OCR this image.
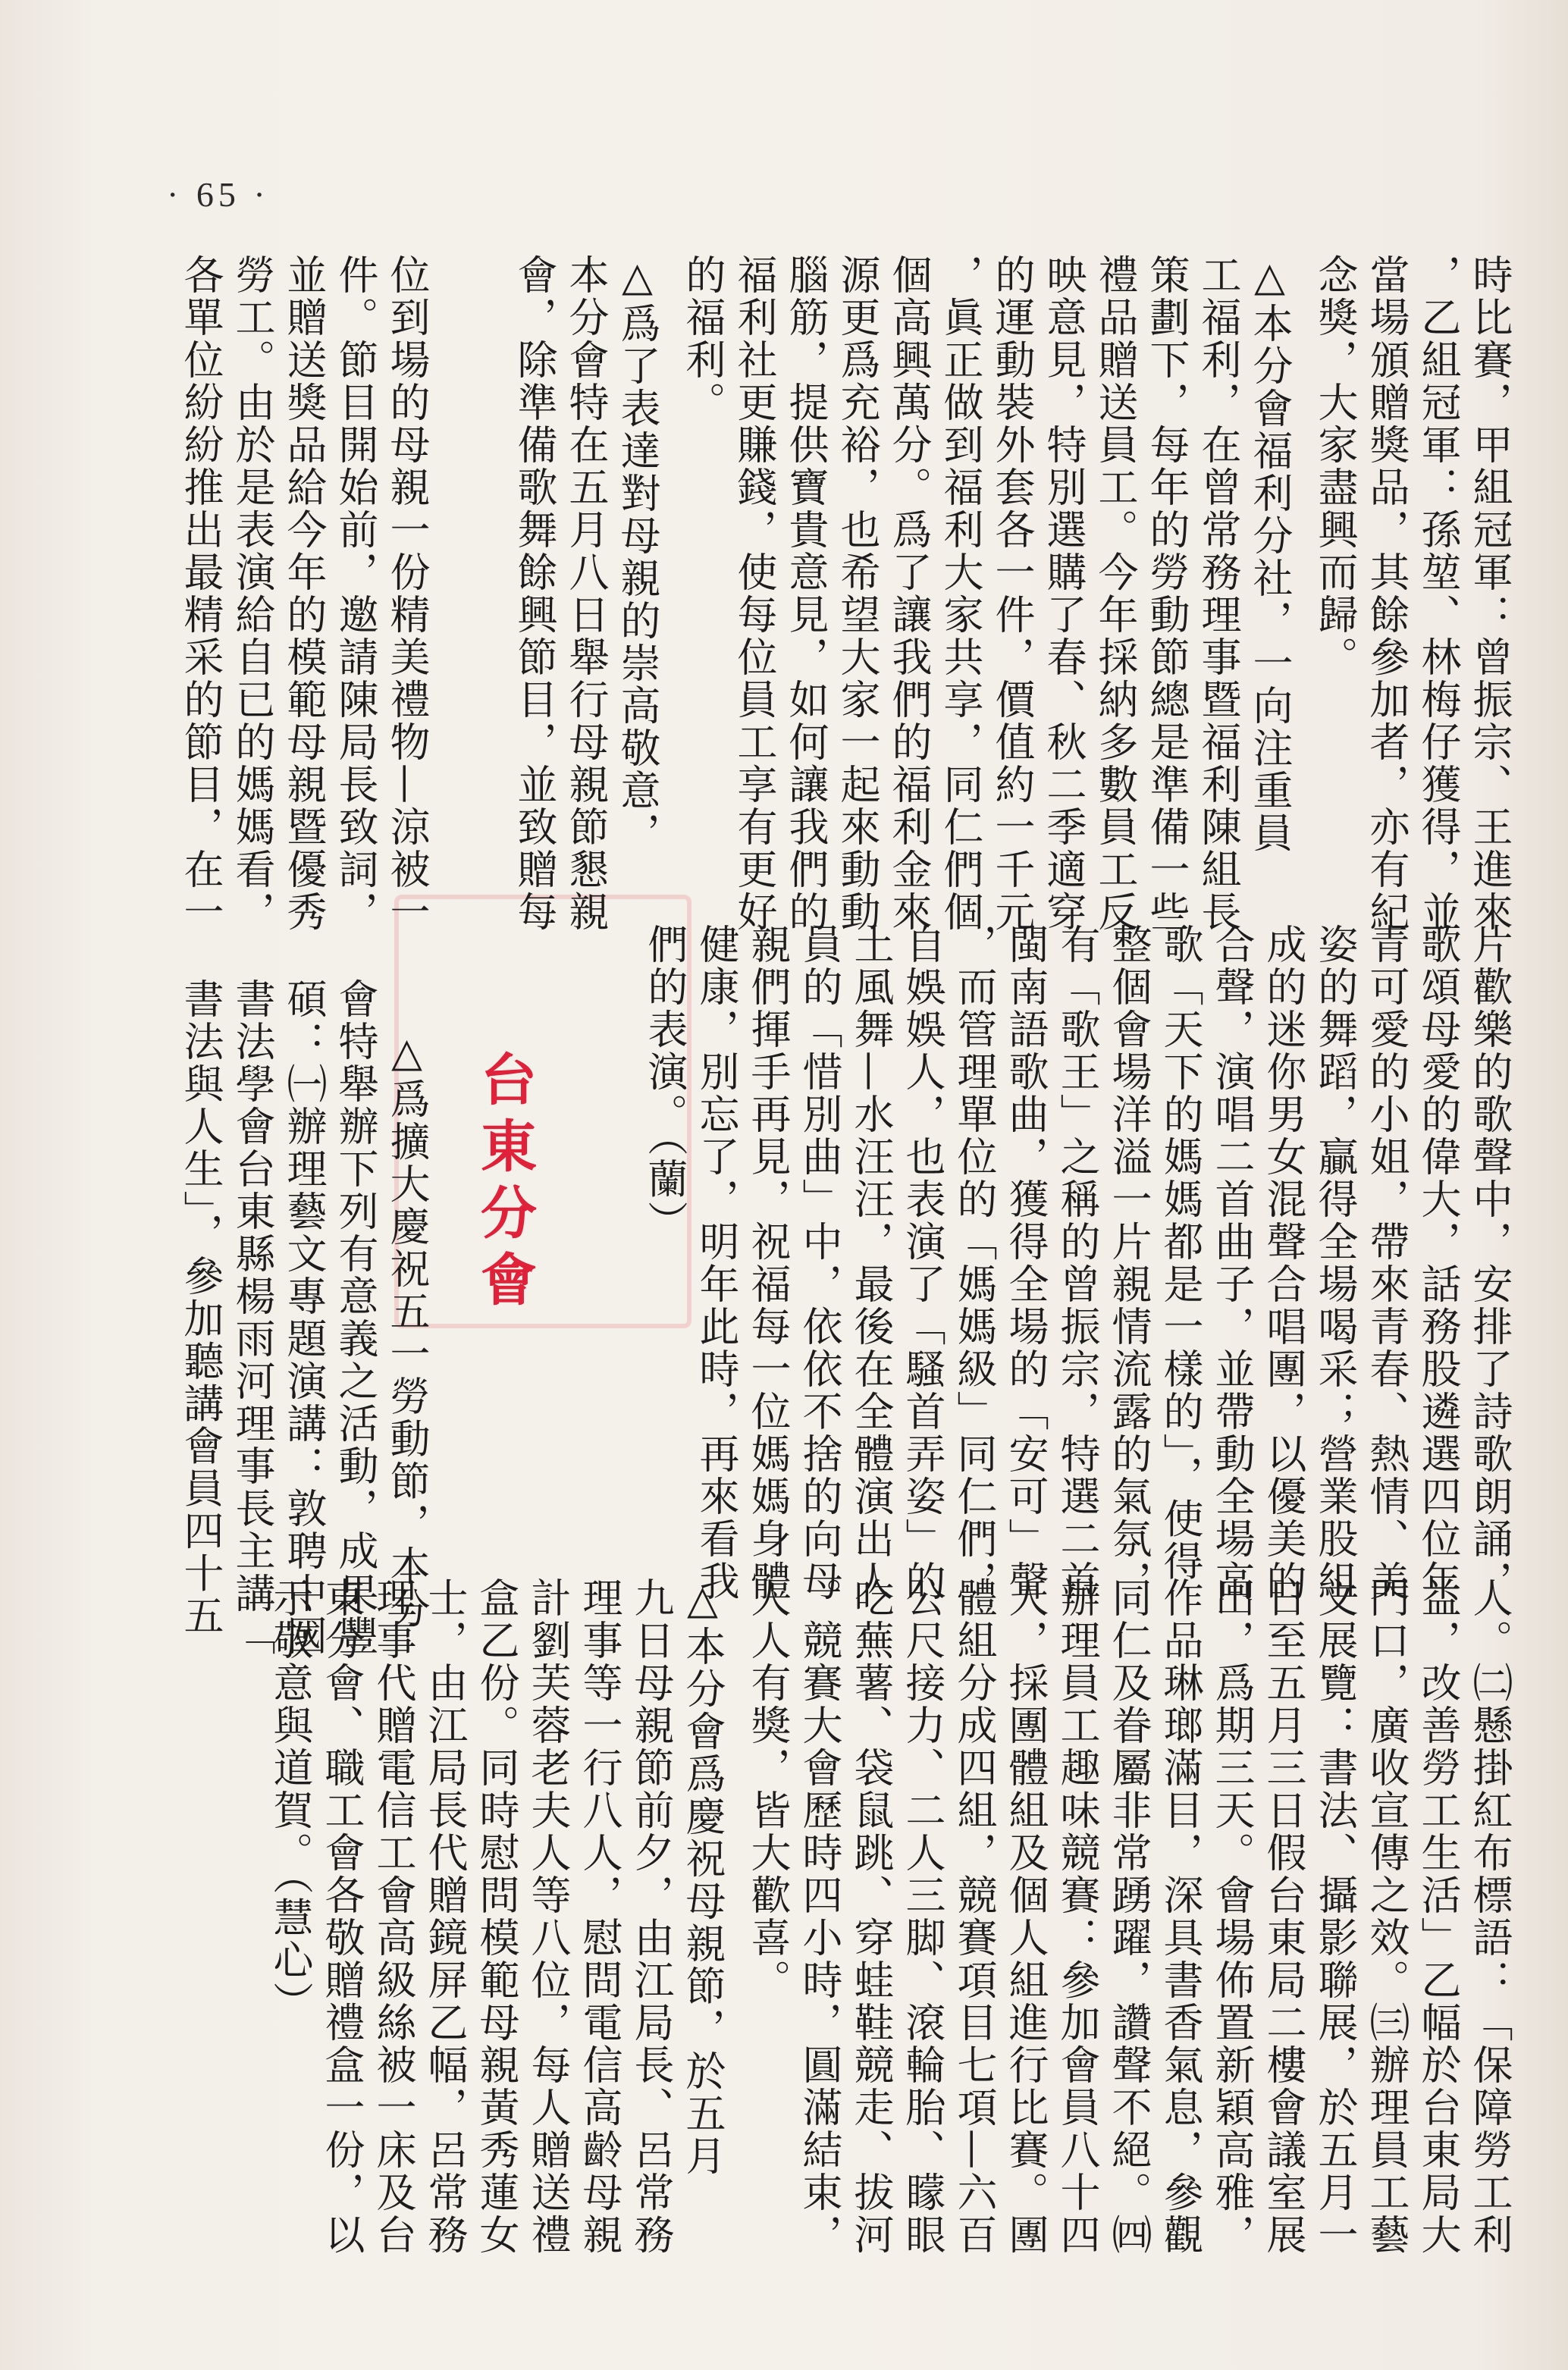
· 65 ·

時比賽，甲組冠軍：曾振宗、王進來

，乙組冠軍：孫堃、林梅仔獲得，並

當場頒贈獎品，其餘參加者，亦有紀

念獎，大家盡興而歸。

△本分會福利分社，一向注重員

工福利，在曾常務理事暨福利陳組長

策劃下，每年的勞動節總是準備一些

禮品贈送員工。今年採納多數員工反

映意見，特別選購了春、秋二季適穿

的運動裝外套各一件，價值約一千元

，眞正做到福利大家共享，同仁們個

個高興萬分。爲了讓我們的福利金來

源更爲充裕，也希望大家一起來動動

腦筋，提供寶貴意見，如何讓我們的

福利社更賺錢，使每位員工享有更好

的福利。

△爲了表達對母親的崇高敬意，

本分會特在五月八日舉行母親節懇親

會，除準備歌舞餘興節目，並致贈每

位到場的母親一份精美禮物—涼被一

件。節目開始前，邀請陳局長致詞，

並贈送獎品給今年的模範母親暨優秀

勞工。由於是表演給自已的媽媽看，

各單位紛紛推出最精采的節目，在一

片歡樂的歌聲中，安排了詩歌朗誦，

歌頌母愛的偉大，話務股遴選四位年

青可愛的小姐，帶來青春、熱情、美

姿的舞蹈，贏得全場喝采；營業股組

成的迷你男女混聲合唱團，以優美的

合聲，演唱二首曲子，並帶動全場高

歌「天下的媽媽都是一樣的」，使得

整個會場洋溢一片親情流露的氣氛，

有「歌王」之稱的曾振宗，特選二首

閩南語歌曲，獲得全場的「安可」聲

，而管理單位的「媽媽級」同仁們，

自娛娛人，也表演了「騷首弄姿」的

土風舞—水汪汪，最後在全體演出人

員的「惜別曲」中，依依不捨的向母

親們揮手再見，祝福每一位媽媽身體

健康，別忘了，明年此時，再來看我

們的表演。（蘭）

台東分會

△爲擴大慶祝五一勞動節，本分

會特舉辦下列有意義之活動，成果豐

碩：㈠辦理藝文專題演講：敦聘中國

書法學會台東縣楊雨河理事長主講「

書法與人生」，參加聽講會員四十五

人。㈡懸掛紅布標語：「保障勞工利

益，改善勞工生活」乙幅於台東局大

門口，廣收宣傳之效。㈢辦理員工藝

文展覽：書法、攝影聯展，於五月一

日至五月三日假台東局二樓會議室展

出，爲期三天。會場佈置新穎高雅，

作品琳瑯滿目，深具書香氣息，參觀

同仁及眷屬非常踴躍，讚聲不絕。㈣

辦理員工趣味競賽：參加會員八十四

人，採團體組及個人組進行比賽。團

體組分成四組，競賽項目七項—六百

公尺接力、二人三脚、滾輪胎、矇眼

吃蕪薯、袋鼠跳、穿蛙鞋競走、拔河

。競賽大會歷時四小時，圓滿結束，

人人有獎，皆大歡喜。

△本分會爲慶祝母親節，於五月

九日母親節前夕，由江局長、呂常務

理事等一行八人，慰問電信高齡母親

計劉芙蓉老夫人等八位，每人贈送禮

盒乙份。同時慰問模範母親黃秀蓮女

士，由江局長代贈鏡屏乙幅，呂常務

理事代贈電信工會高級絲被一床及台

東分會、職工會各敬贈禮盒一份，以

示敬意與道賀。（慧心）
